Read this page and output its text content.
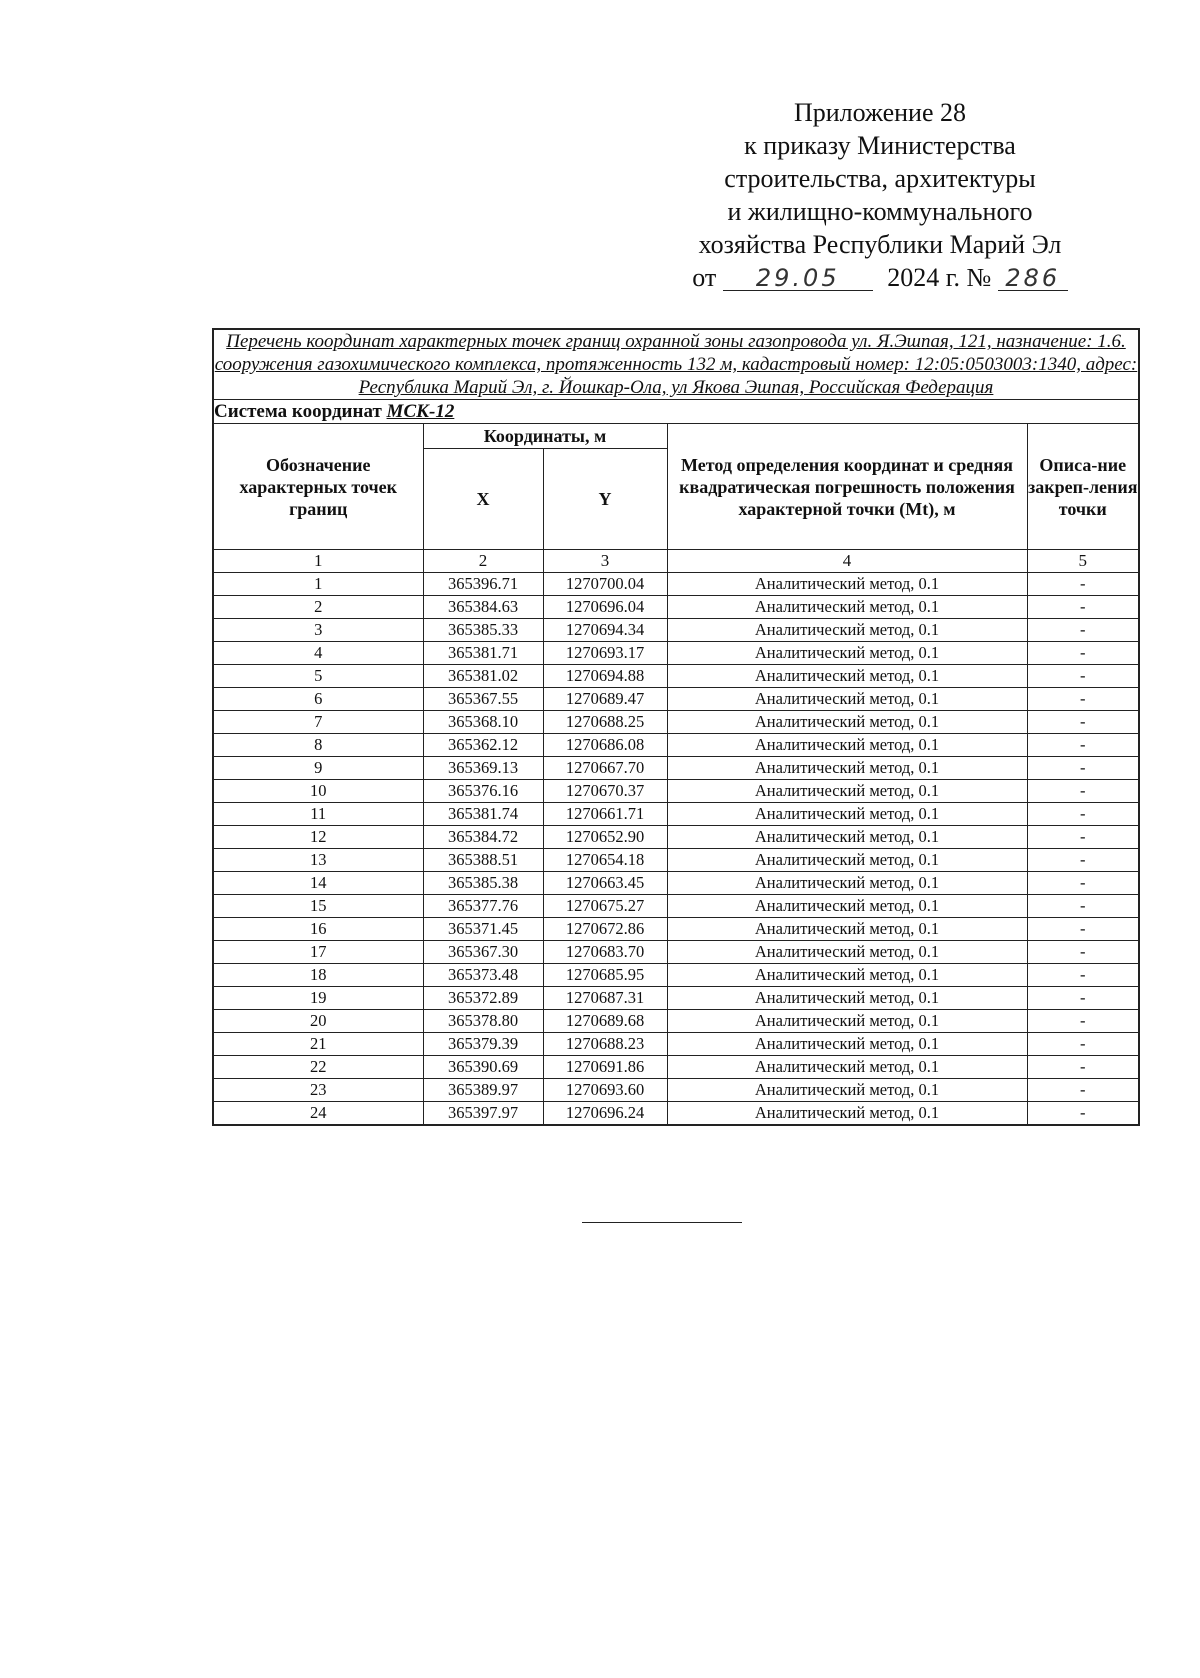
Приложение 28
к приказу Министерства
строительства, архитектуры
и жилищно-коммунального
хозяйства Республики Марий Эл
от 29.05 2024 г. № 286
Перечень координат характерных точек границ охранной зоны газопровода ул. Я.Эшпая, 121, назначение: 1.6. сооружения газохимического комплекса, протяженность 132 м, кадастровый номер: 12:05:0503003:1340, адрес: Республика Марий Эл, г. Йошкар-Ола, ул Якова Эшпая, Российская Федерация				
Система координат МСК-12				
Обозначение характерных точек границ	Координаты, м		Метод определения координат и средняя квадратическая погрешность положения характерной точки (Mt), м	Описа-ние закреп-ления точки
	X	Y		
1	2	3	4	5
1	365396.71	1270700.04	Аналитический метод, 0.1	-
2	365384.63	1270696.04	Аналитический метод, 0.1	-
3	365385.33	1270694.34	Аналитический метод, 0.1	-
4	365381.71	1270693.17	Аналитический метод, 0.1	-
5	365381.02	1270694.88	Аналитический метод, 0.1	-
6	365367.55	1270689.47	Аналитический метод, 0.1	-
7	365368.10	1270688.25	Аналитический метод, 0.1	-
8	365362.12	1270686.08	Аналитический метод, 0.1	-
9	365369.13	1270667.70	Аналитический метод, 0.1	-
10	365376.16	1270670.37	Аналитический метод, 0.1	-
11	365381.74	1270661.71	Аналитический метод, 0.1	-
12	365384.72	1270652.90	Аналитический метод, 0.1	-
13	365388.51	1270654.18	Аналитический метод, 0.1	-
14	365385.38	1270663.45	Аналитический метод, 0.1	-
15	365377.76	1270675.27	Аналитический метод, 0.1	-
16	365371.45	1270672.86	Аналитический метод, 0.1	-
17	365367.30	1270683.70	Аналитический метод, 0.1	-
18	365373.48	1270685.95	Аналитический метод, 0.1	-
19	365372.89	1270687.31	Аналитический метод, 0.1	-
20	365378.80	1270689.68	Аналитический метод, 0.1	-
21	365379.39	1270688.23	Аналитический метод, 0.1	-
22	365390.69	1270691.86	Аналитический метод, 0.1	-
23	365389.97	1270693.60	Аналитический метод, 0.1	-
24	365397.97	1270696.24	Аналитический метод, 0.1	-
